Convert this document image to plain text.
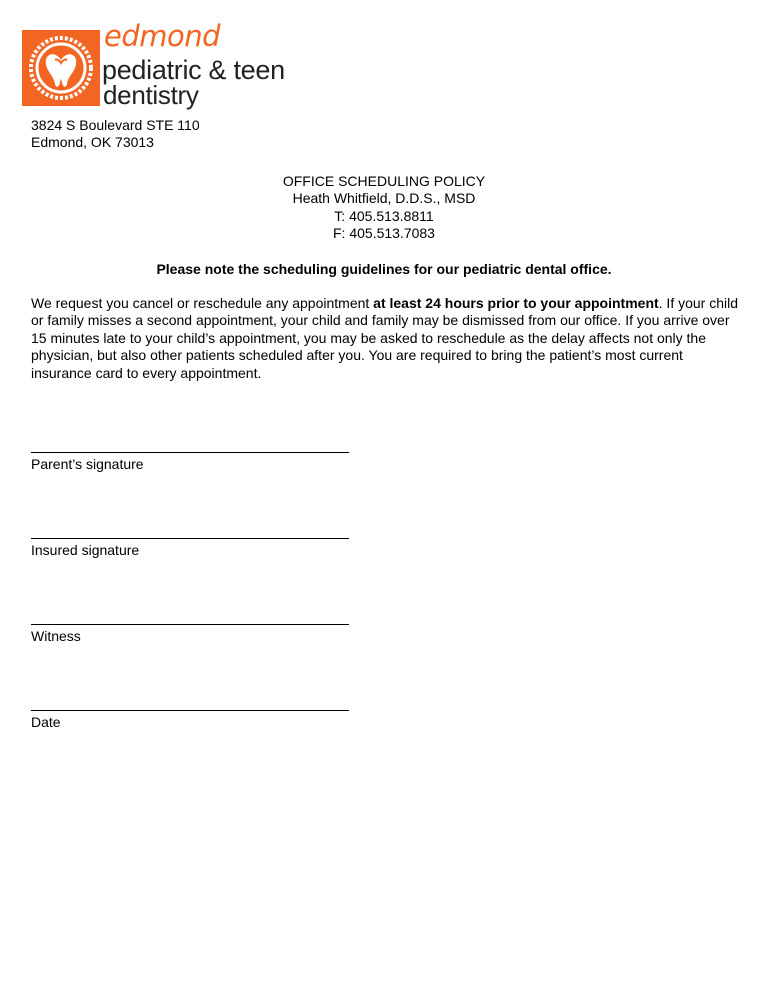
edmond
pediatric & teen
dentistry
3824 S Boulevard STE 110
Edmond, OK 73013
OFFICE SCHEDULING POLICY
Heath Whitfield, D.D.S., MSD
T: 405.513.8811
F: 405.513.7083
Please note the scheduling guidelines for our pediatric dental office.
We request you cancel or reschedule any appointment at least 24 hours prior to your appointment. If your child or family misses a second appointment, your child and family may be dismissed from our office. If you arrive over 15 minutes late to your child’s appointment, you may be asked to reschedule as the delay affects not only the physician, but also other patients scheduled after you. You are required to bring the patient’s most current insurance card to every appointment.
Parent’s signature
Insured signature
Witness
Date
